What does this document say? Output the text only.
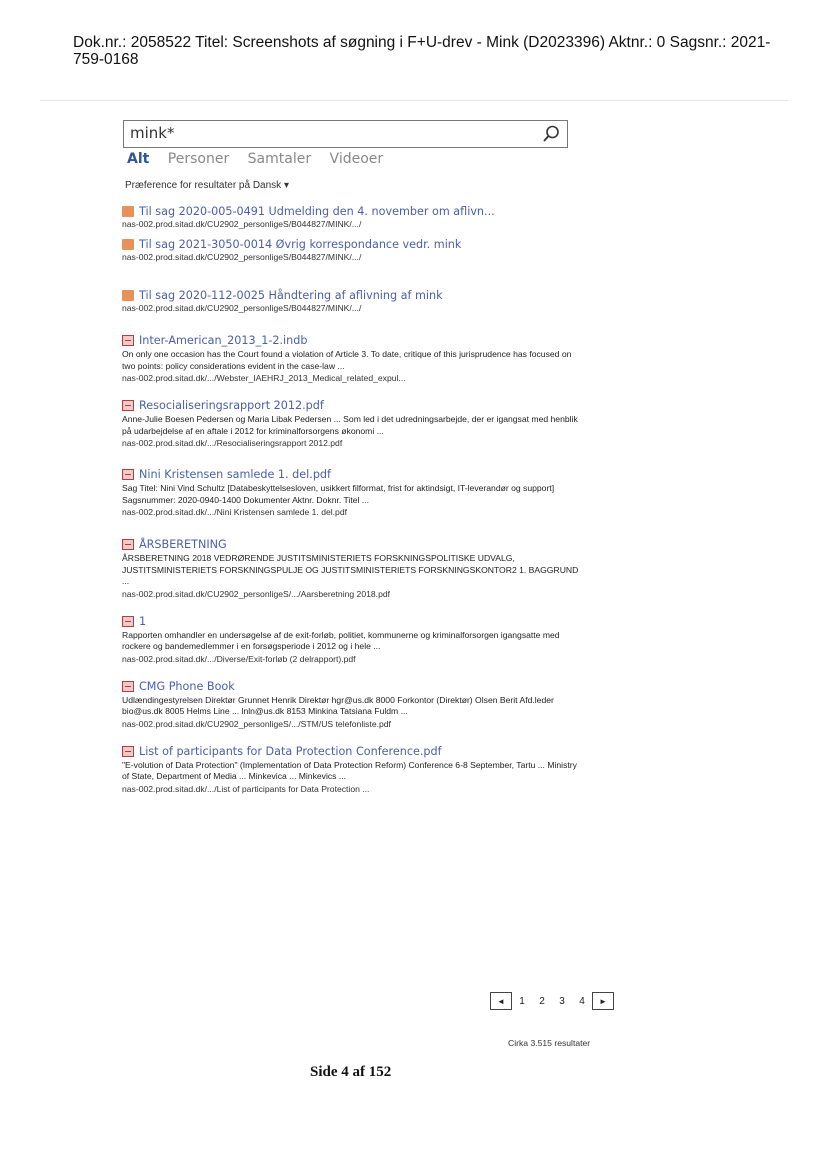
Dok.nr.: 2058522 Titel: Screenshots af søgning i F+U-drev - Mink (D2023396) Aktnr.: 0 Sagsnr.: 2021-759-0168
mink*
Alt Personer Samtaler Videoer
Præference for resultater på Dansk ▾
Til sag 2020-005-0491 Udmelding den 4. november om aflivn...
nas-002.prod.sitad.dk/CU2902_personligeS/B044827/MINK/.../
Til sag 2021-3050-0014 Øvrig korrespondance vedr. mink
nas-002.prod.sitad.dk/CU2902_personligeS/B044827/MINK/.../
Til sag 2020-112-0025 Håndtering af aflivning af mink
nas-002.prod.sitad.dk/CU2902_personligeS/B044827/MINK/.../
Inter-American_2013_1-2.indb
On only one occasion has the Court found a violation of Article 3. To date, critique of this jurisprudence has focused on two points: policy considerations evident in the case-law ...
nas-002.prod.sitad.dk/.../Webster_IAEHRJ_2013_Medical_related_expul...
Resocialiseringsrapport 2012.pdf
Anne-Julie Boesen Pedersen og Maria Libak Pedersen ... Som led i det udredningsarbejde, der er igangsat med henblik på udarbejdelse af en aftale i 2012 for kriminalforsorgens økonomi ...
nas-002.prod.sitad.dk/.../Resocialiseringsrapport 2012.pdf
Nini Kristensen samlede 1. del.pdf
Sag Titel: Nini Vind Schultz [Databeskyttelsesloven, usikkert filformat, frist for aktindsigt, IT-leverandør og support] Sagsnummer: 2020-0940-1400 Dokumenter Aktnr. Doknr. Titel ...
nas-002.prod.sitad.dk/.../Nini Kristensen samlede 1. del.pdf
ÅRSBERETNING
ÅRSBERETNING 2018 VEDRØRENDE JUSTITSMINISTERIETS FORSKNINGSPOLITISKE UDVALG, JUSTITSMINISTERIETS FORSKNINGSPULJE OG JUSTITSMINISTERIETS FORSKNINGSKONTOR2 1. BAGGRUND ...
nas-002.prod.sitad.dk/CU2902_personligeS/.../Aarsberetning 2018.pdf
1
Rapporten omhandler en undersøgelse af de exit-forløb, politiet, kommunerne og kriminalforsorgen igangsatte med rockere og bandemedlemmer i en forsøgsperiode i 2012 og i hele ...
nas-002.prod.sitad.dk/.../Diverse/Exit-forløb (2 delrapport).pdf
CMG Phone Book
Udlændingestyrelsen Direktør Grunnet Henrik Direktør hgr@us.dk 8000 Forkontor (Direktør) Olsen Berit Afd.leder bio@us.dk 8005 Helms Line ... lnln@us.dk 8153 Minkina Tatsiana Fuldm ...
nas-002.prod.sitad.dk/CU2902_personligeS/.../STM/US telefonliste.pdf
List of participants for Data Protection Conference.pdf
"E-volution of Data Protection" (Implementation of Data Protection Reform) Conference 6-8 September, Tartu ... Ministry of State, Department of Media ... Minkevica ... Minkevics ...
nas-002.prod.sitad.dk/.../List of participants for Data Protection ...
◄	1	2	3	4	►
Cirka 3.515 resultater
Side 4 af 152
